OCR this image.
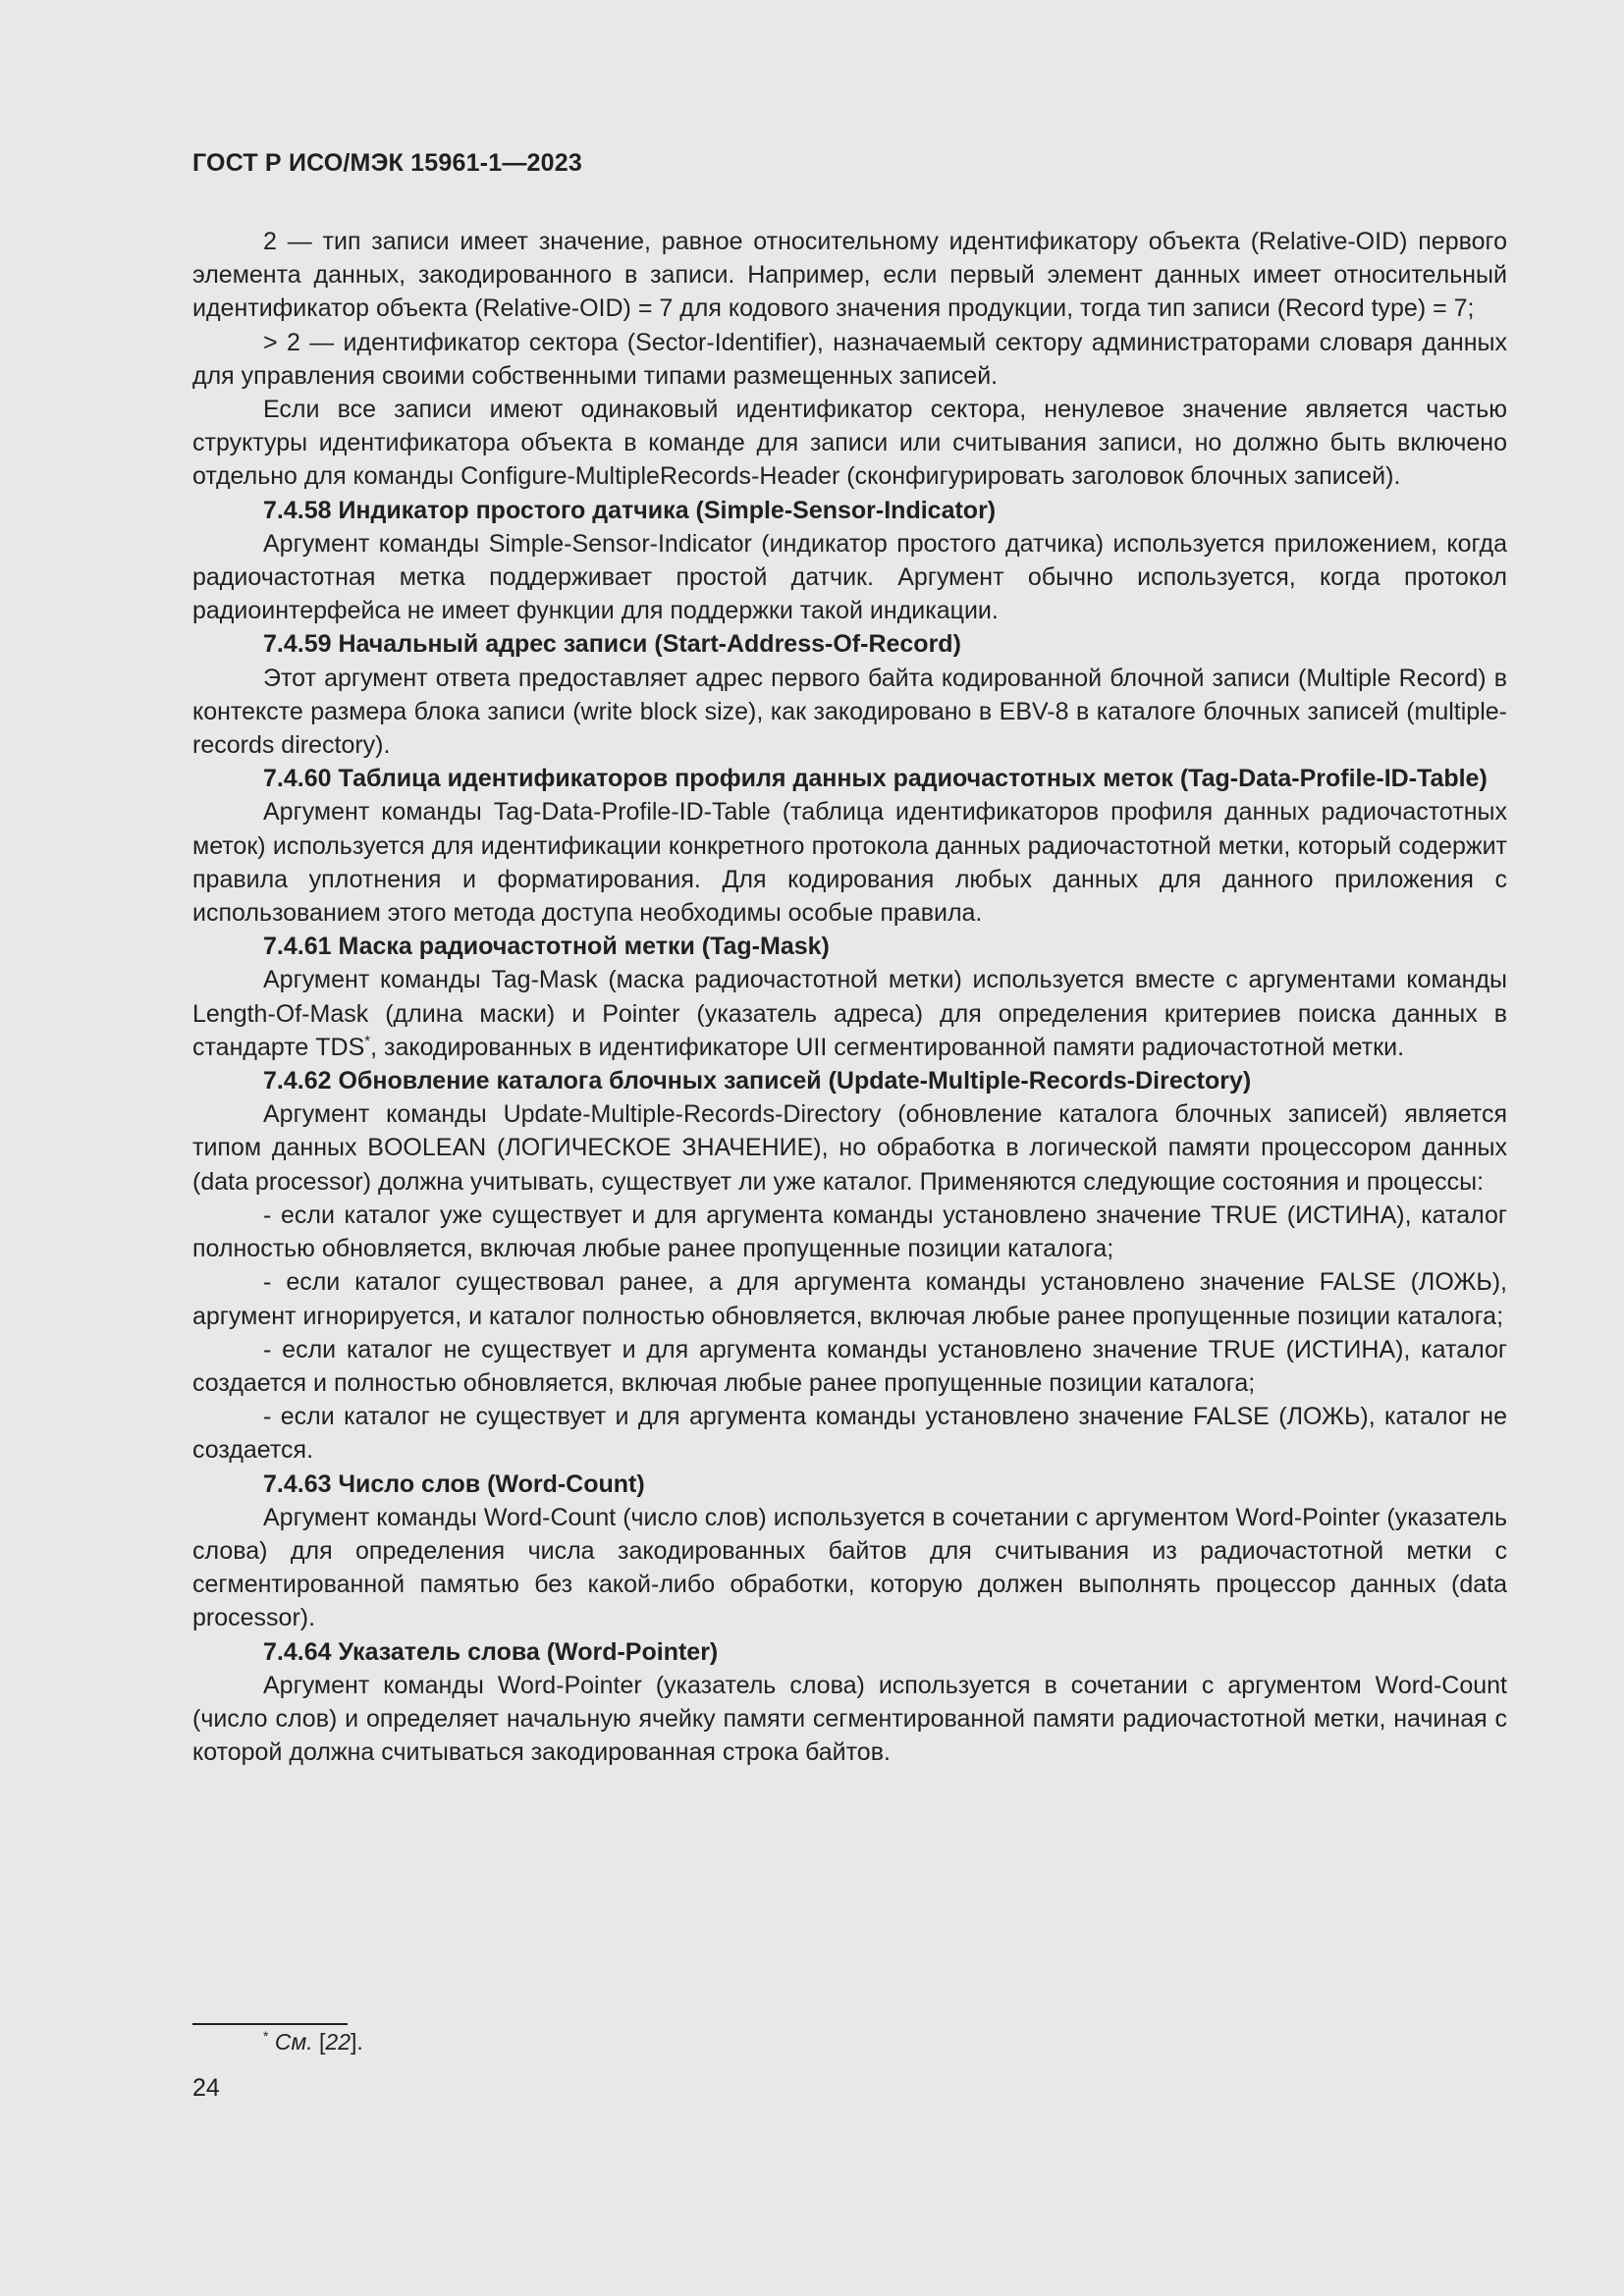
ГОСТ Р ИСО/МЭК 15961-1—2023

2 — тип записи имеет значение, равное относительному идентификатору объекта (Relative-OID) первого элемента данных, закодированного в записи. Например, если первый элемент данных имеет относительный идентификатор объекта (Relative-OID) = 7 для кодового значения продукции, тогда тип записи (Record type) = 7;

> 2 — идентификатор сектора (Sector-Identifier), назначаемый сектору администраторами словаря данных для управления своими собственными типами размещенных записей.

Если все записи имеют одинаковый идентификатор сектора, ненулевое значение является частью структуры идентификатора объекта в команде для записи или считывания записи, но должно быть включено отдельно для команды Configure-MultipleRecords-Header (сконфигурировать заголовок блочных записей).

7.4.58 Индикатор простого датчика (Simple-Sensor-Indicator)

Аргумент команды Simple-Sensor-Indicator (индикатор простого датчика) используется приложением, когда радиочастотная метка поддерживает простой датчик. Аргумент обычно используется, когда протокол радиоинтерфейса не имеет функции для поддержки такой индикации.

7.4.59 Начальный адрес записи (Start-Address-Of-Record)

Этот аргумент ответа предоставляет адрес первого байта кодированной блочной записи (Multiple Record) в контексте размера блока записи (write block size), как закодировано в EBV-8 в каталоге блочных записей (multiple-records directory).

7.4.60 Таблица идентификаторов профиля данных радиочастотных меток (Tag-Data-Profile-ID-Table)

Аргумент команды Tag-Data-Profile-ID-Table (таблица идентификаторов профиля данных радиочастотных меток) используется для идентификации конкретного протокола данных радиочастотной метки, который содержит правила уплотнения и форматирования. Для кодирования любых данных для данного приложения с использованием этого метода доступа необходимы особые правила.

7.4.61 Маска радиочастотной метки (Tag-Mask)

Аргумент команды Tag-Mask (маска радиочастотной метки) используется вместе с аргументами команды Length-Of-Mask (длина маски) и Pointer (указатель адреса) для определения критериев поиска данных в стандарте TDS*, закодированных в идентификаторе UII сегментированной памяти радиочастотной метки.

7.4.62 Обновление каталога блочных записей (Update-Multiple-Records-Directory)

Аргумент команды Update-Multiple-Records-Directory (обновление каталога блочных записей) является типом данных BOOLEAN (ЛОГИЧЕСКОЕ ЗНАЧЕНИЕ), но обработка в логической памяти процессором данных (data processor) должна учитывать, существует ли уже каталог. Применяются следующие состояния и процессы:

- если каталог уже существует и для аргумента команды установлено значение TRUE (ИСТИНА), каталог полностью обновляется, включая любые ранее пропущенные позиции каталога;

- если каталог существовал ранее, а для аргумента команды установлено значение FALSE (ЛОЖЬ), аргумент игнорируется, и каталог полностью обновляется, включая любые ранее пропущенные позиции каталога;

- если каталог не существует и для аргумента команды установлено значение TRUE (ИСТИНА), каталог создается и полностью обновляется, включая любые ранее пропущенные позиции каталога;

- если каталог не существует и для аргумента команды установлено значение FALSE (ЛОЖЬ), каталог не создается.

7.4.63 Число слов (Word-Count)

Аргумент команды Word-Count (число слов) используется в сочетании с аргументом Word-Pointer (указатель слова) для определения числа закодированных байтов для считывания из радиочастотной метки с сегментированной памятью без какой-либо обработки, которую должен выполнять процессор данных (data processor).

7.4.64 Указатель слова (Word-Pointer)

Аргумент команды Word-Pointer (указатель слова) используется в сочетании с аргументом Word-Count (число слов) и определяет начальную ячейку памяти сегментированной памяти радиочастотной метки, начиная с которой должна считываться закодированная строка байтов.

* См. [22].
24
